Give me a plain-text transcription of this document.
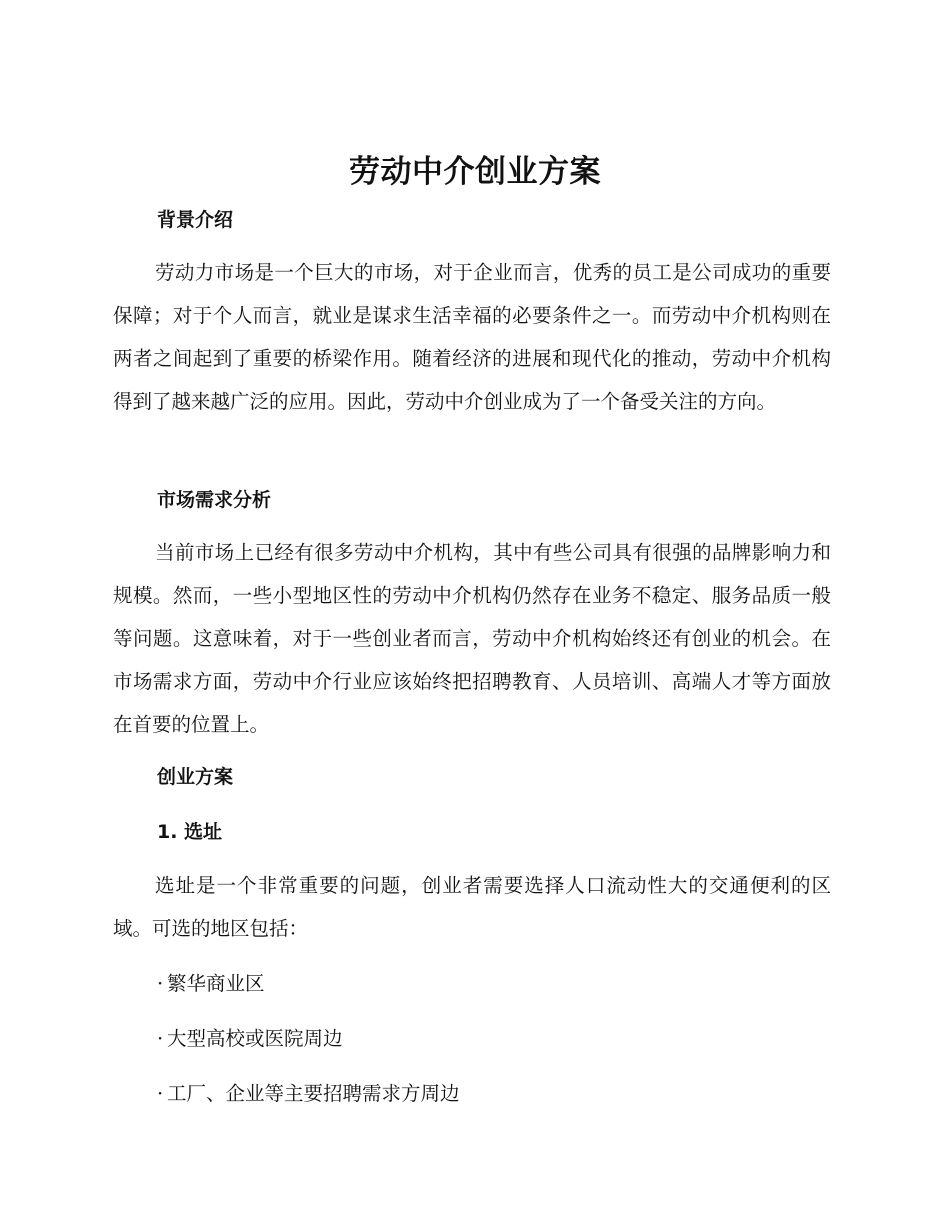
劳动中介创业方案
背景介绍

劳动力市场是一个巨大的市场，对于企业而言，优秀的员工是公司成功的重要保障；对于个人而言，就业是谋求生活幸福的必要条件之一。而劳动中介机构则在两者之间起到了重要的桥梁作用。随着经济的进展和现代化的推动，劳动中介机构得到了越来越广泛的应用。因此，劳动中介创业成为了一个备受关注的方向。

市场需求分析

当前市场上已经有很多劳动中介机构，其中有些公司具有很强的品牌影响力和规模。然而，一些小型地区性的劳动中介机构仍然存在业务不稳定、服务品质一般等问题。这意味着，对于一些创业者而言，劳动中介机构始终还有创业的机会。在市场需求方面，劳动中介行业应该始终把招聘教育、人员培训、高端人才等方面放在首要的位置上。

创业方案
1. 选址

选址是一个非常重要的问题，创业者需要选择人口流动性大的交通便利的区域。可选的地区包括：

· 繁华商业区

· 大型高校或医院周边

· 工厂、企业等主要招聘需求方周边
